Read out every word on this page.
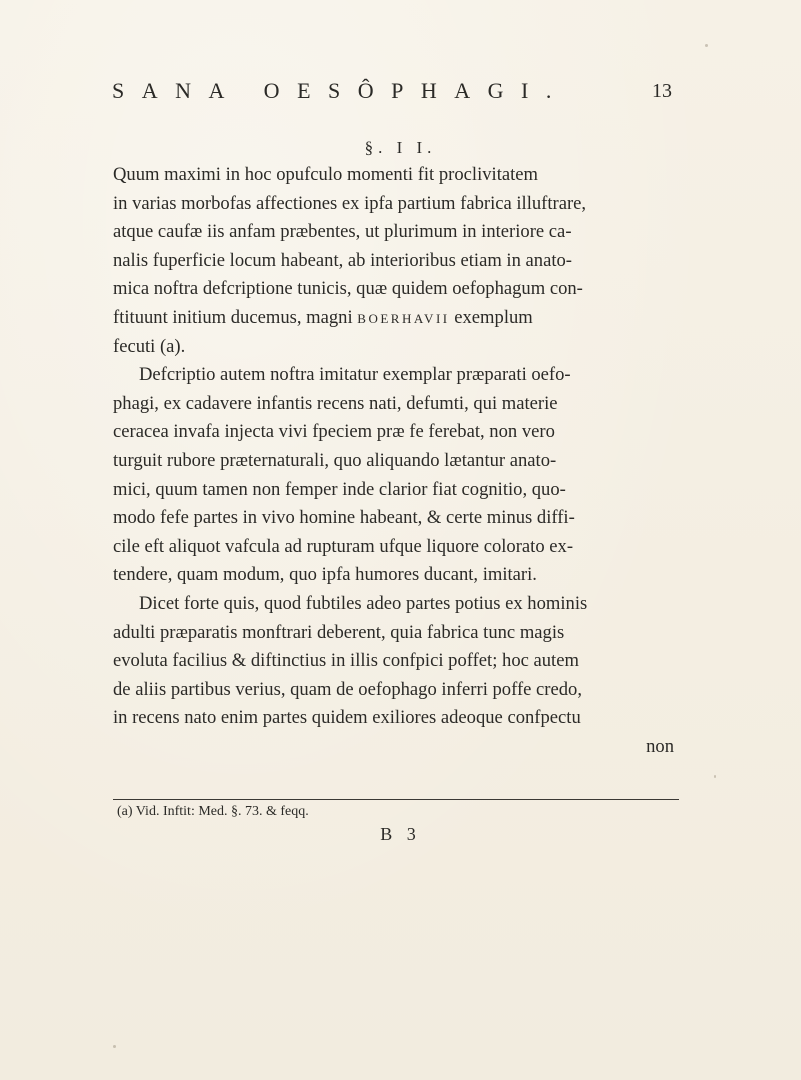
SANA OESÔPHAGI.	13
§. I I.
Quum maximi in hoc opufculo momenti fit proclivitatem
in varias morbofas affectiones ex ipfa partium fabrica illuftrare,
atque caufæ iis anfam præbentes, ut plurimum in interiore ca-
nalis fuperficie locum habeant, ab interioribus etiam in anato-
mica noftra defcriptione tunicis, quæ quidem oefophagum con-
ftituunt initium ducemus, magni BOERHAVII exemplum
fecuti (a).
Defcriptio autem noftra imitatur exemplar præparati oefo-
phagi, ex cadavere infantis recens nati, defumti, qui materie
ceracea invafa injecta vivi fpeciem præ fe ferebat, non vero
turguit rubore præternaturali, quo aliquando lætantur anato-
mici, quum tamen non femper inde clarior fiat cognitio, quo-
modo fefe partes in vivo homine habeant, & certe minus diffi-
cile eft aliquot vafcula ad rupturam ufque liquore colorato ex-
tendere, quam modum, quo ipfa humores ducant, imitari.
Dicet forte quis, quod fubtiles adeo partes potius ex hominis
adulti præparatis monftrari deberent, quia fabrica tunc magis
evoluta facilius & diftinctius in illis confpici poffet; hoc autem
de aliis partibus verius, quam de oefophago inferri poffe credo,
in recens nato enim partes quidem exiliores adeoque confpectu
non
(a) Vid. Inftit: Med. §. 73. & feqq.
B 3
